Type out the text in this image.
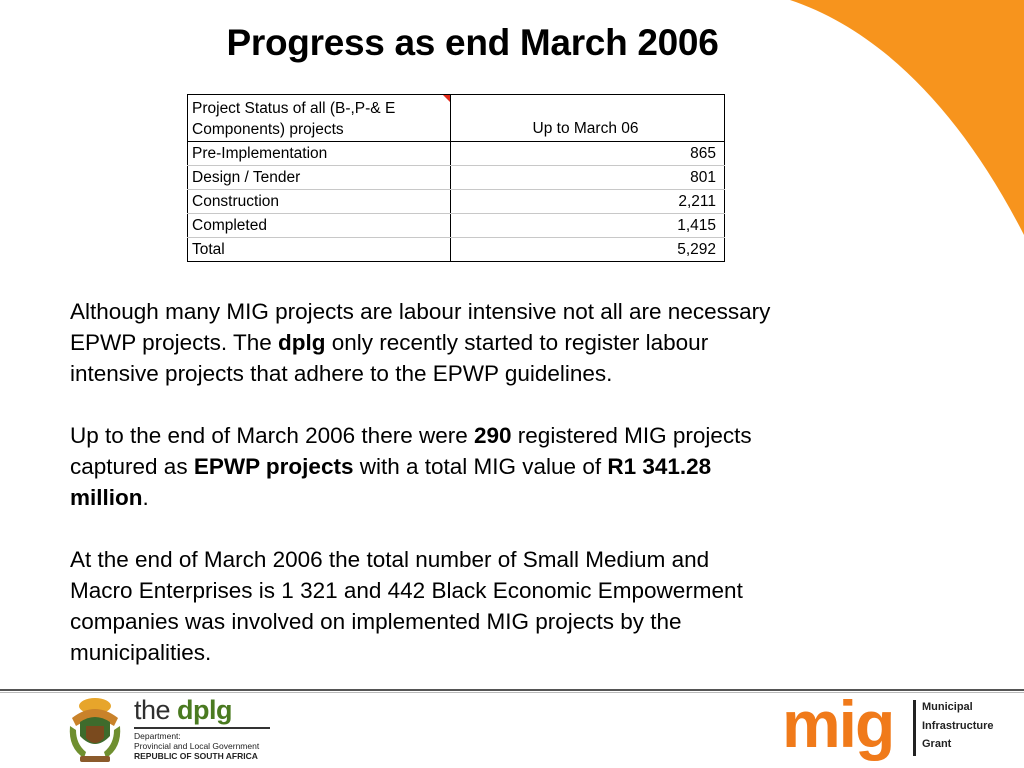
Progress as end March 2006
Project Status of all (B-,P-& E
Components) projects	Up to March 06
Pre-Implementation	865
Design / Tender	801
Construction	2,211
Completed	1,415
Total	5,292

Although many MIG projects are labour intensive not all are necessary
EPWP projects. The dplg only recently started to register labour
intensive projects that adhere to the EPWP guidelines.

Up to the end of March 2006 there were 290 registered MIG projects
captured as EPWP projects with a total MIG value of R1 341.28
million.

At the end of March 2006 the total number of Small Medium and
Macro Enterprises is 1 321 and 442 Black Economic Empowerment
companies was involved on implemented MIG projects by the
municipalities.

the dplg
Department:
Provincial and Local Government
REPUBLIC OF SOUTH AFRICA	mig	Municipal
Infrastructure
Grant
